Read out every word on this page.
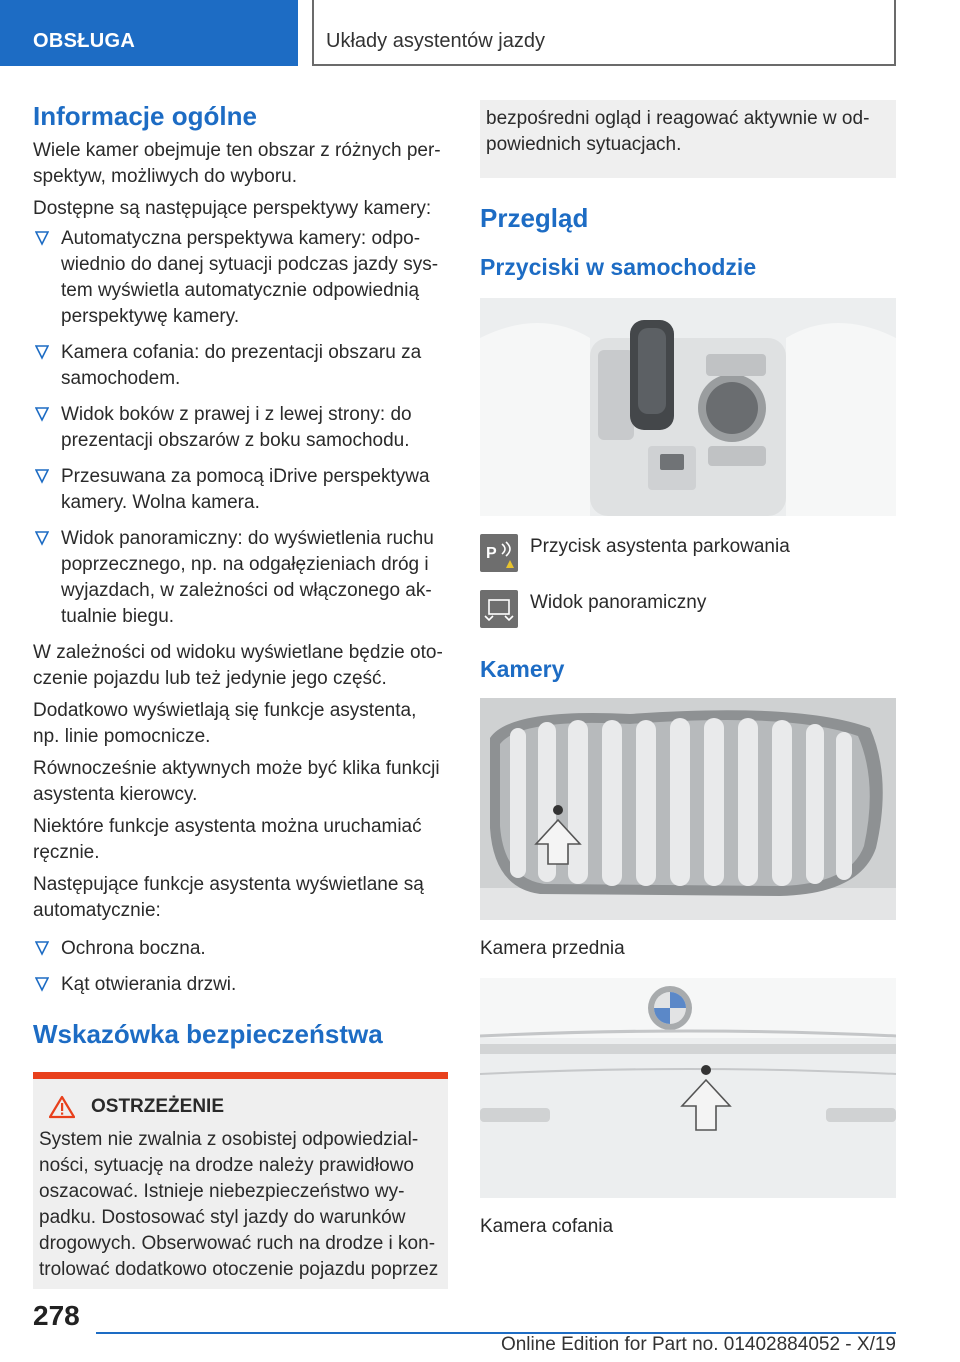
OBSŁUGA	Układy asystentów jazdy
Informacje ogólne

Wiele kamer obejmuje ten obszar z różnych perspektyw, możliwych do wyboru.

Dostępne są następujące perspektywy kamery:

Automatyczna perspektywa kamery: odpowiednio do danej sytuacji podczas jazdy system wyświetla automatycznie odpowiednią perspektywę kamery.
Kamera cofania: do prezentacji obszaru za samochodem.
Widok boków z prawej i z lewej strony: do prezentacji obszarów z boku samochodu.
Przesuwana za pomocą iDrive perspektywa kamery. Wolna kamera.
Widok panoramiczny: do wyświetlenia ruchu poprzecznego, np. na odgałęzieniach dróg i wyjazdach, w zależności od włączonego aktualnie biegu.

W zależności od widoku wyświetlane będzie otoczenie pojazdu lub też jedynie jego część.

Dodatkowo wyświetlają się funkcje asystenta, np. linie pomocnicze.

Równocześnie aktywnych może być klika funkcji asystenta kierowcy.

Niektóre funkcje asystenta można uruchamiać ręcznie.

Następujące funkcje asystenta wyświetlane są automatycznie:

Ochrona boczna.
Kąt otwierania drzwi.
Wskazówka bezpieczeństwa
OSTRZEŻENIE

System nie zwalnia z osobistej odpowiedzialności, sytuację na drodze należy prawidłowo oszacować. Istnieje niebezpieczeństwo wypadku. Dostosować styl jazdy do warunków drogowych. Obserwować ruch na drodze i kontrolować dodatkowo otoczenie pojazdu poprzez

bezpośredni ogląd i reagować aktywnie w odpowiednich sytuacjach.

Przegląd
Przyciski w samochodzie
P Przycisk asystenta parkowania
Widok panoramiczny
Kamery
Kamera przednia
Kamera cofania
278
Online Edition for Part no. 01402884052 - X/19
